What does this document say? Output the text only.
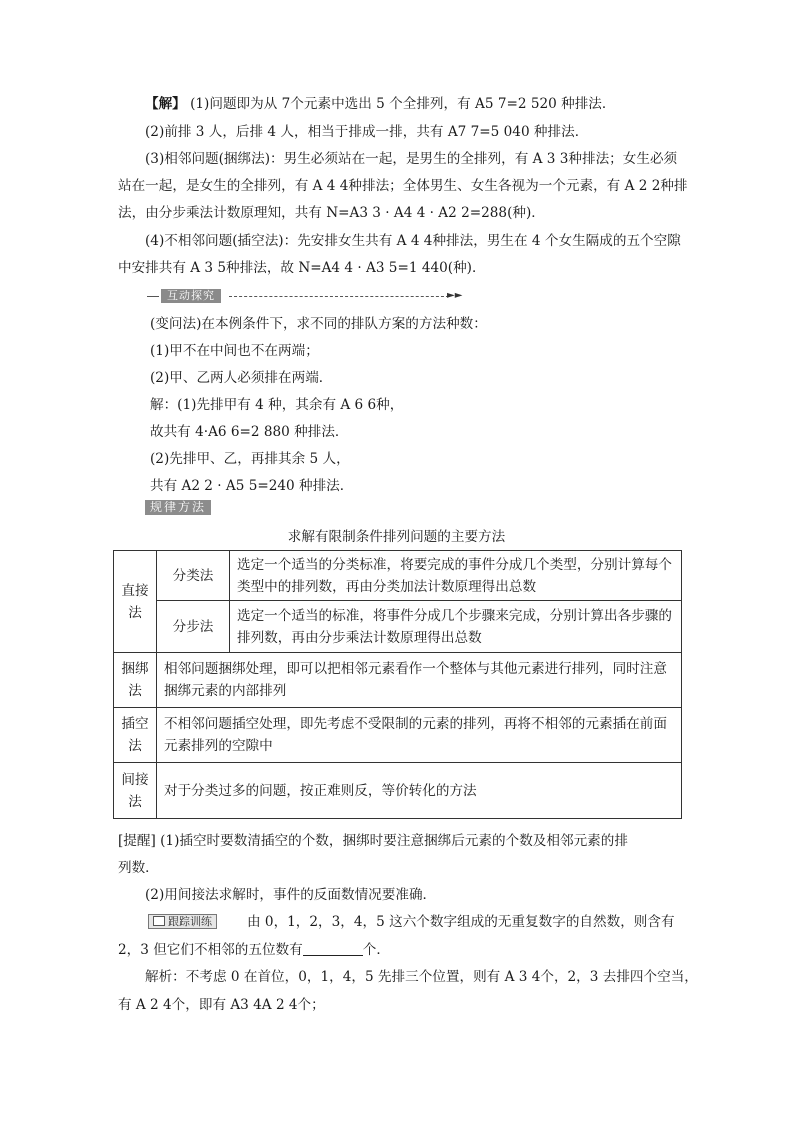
【解】 (1)问题即为从 7个元素中选出 5 个全排列，有 A5 7=2 520 种排法．
(2)前排 3 人，后排 4 人，相当于排成一排，共有 A7 7=5 040 种排法．
(3)相邻问题(捆绑法)：男生必须站在一起，是男生的全排列，有 A 3 3种排法；女生必须
站在一起，是女生的全排列，有 A 4 4种排法；全体男生、女生各视为一个元素，有 A 2 2种排
法，由分步乘法计数原理知，共有 N=A3 3 · A4 4 · A2 2=288(种)．
(4)不相邻问题(插空法)：先安排女生共有 A 4 4种排法，男生在 4 个女生隔成的五个空隙
中安排共有 A 3 5种排法，故 N=A4 4 · A3 5=1 440(种)．
互动探究	►►
(变问法)在本例条件下，求不同的排队方案的方法种数：
(1)甲不在中间也不在两端；
(2)甲、乙两人必须排在两端．
解：(1)先排甲有 4 种，其余有 A 6 6种，
故共有 4·A6 6=2 880 种排法．
(2)先排甲、乙，再排其余 5 人，
共有 A2 2 · A5 5=240 种排法．
规律方法
求解有限制条件排列问题的主要方法
直接法	分类法	选定一个适当的分类标准，将要完成的事件分成几个类型，分别计算每个类型中的排列数，再由分类加法计数原理得出总数
	分步法	选定一个适当的标准，将事件分成几个步骤来完成，分别计算出各步骤的排列数，再由分步乘法计数原理得出总数
捆绑法	相邻问题捆绑处理，即可以把相邻元素看作一个整体与其他元素进行排列，同时注意捆绑元素的内部排列	
插空法	不相邻问题插空处理，即先考虑不受限制的元素的排列，再将不相邻的元素插在前面元素排列的空隙中	
间接法	对于分类过多的问题，按正难则反，等价转化的方法	
[提醒] (1)插空时要数清插空的个数，捆绑时要注意捆绑后元素的个数及相邻元素的排
列数．
(2)用间接法求解时，事件的反面数情况要准确．
跟踪训练	由 0，1，2，3，4，5 这六个数字组成的无重复数字的自然数，则含有
2，3 但它们不相邻的五位数有	个．
解析：不考虑 0 在首位，0，1，4，5 先排三个位置，则有 A 3 4个，2，3 去排四个空当，
有 A 2 4个，即有 A3 4A 2 4个；
